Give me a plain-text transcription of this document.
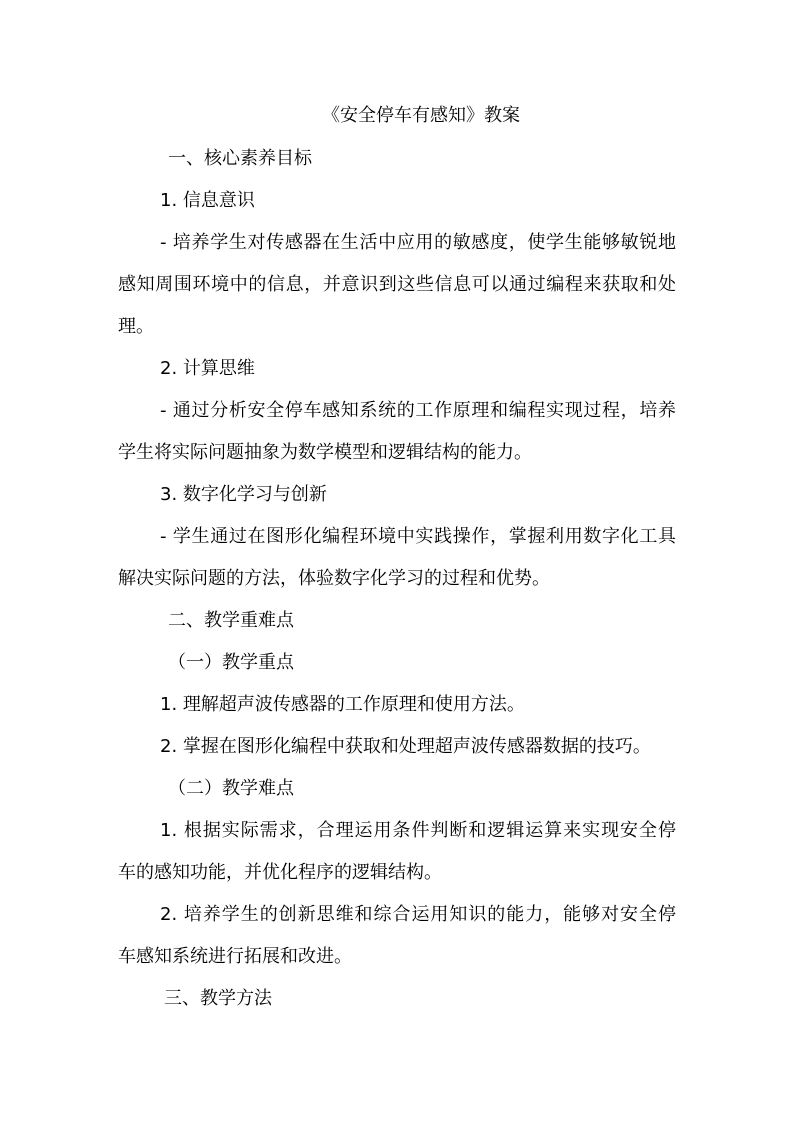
《安全停车有感知》教案
一、核心素养目标
1. 信息意识
- 培养学生对传感器在生活中应用的敏感度，使学生能够敏锐地
感知周围环境中的信息，并意识到这些信息可以通过编程来获取和处
理。
2. 计算思维
- 通过分析安全停车感知系统的工作原理和编程实现过程，培养
学生将实际问题抽象为数学模型和逻辑结构的能力。
3. 数字化学习与创新
- 学生通过在图形化编程环境中实践操作，掌握利用数字化工具
解决实际问题的方法，体验数字化学习的过程和优势。
二、教学重难点
（一）教学重点
1. 理解超声波传感器的工作原理和使用方法。
2. 掌握在图形化编程中获取和处理超声波传感器数据的技巧。
（二）教学难点
1. 根据实际需求，合理运用条件判断和逻辑运算来实现安全停
车的感知功能，并优化程序的逻辑结构。
2. 培养学生的创新思维和综合运用知识的能力，能够对安全停
车感知系统进行拓展和改进。
三、教学方法
